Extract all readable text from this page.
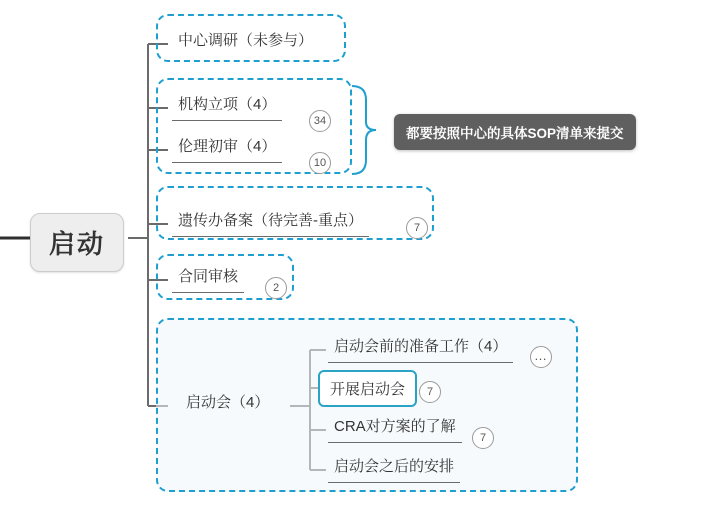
启动
中心调研（未参与）
机构立项（4）
34
伦理初审（4）
10
遗传办备案（待完善-重点）	7
合同审核
2
启动会（4）
启动会前的准备工作（4）
…
开展启动会	7
CRA对方案的了解
7
启动会之后的安排
都要按照中心的具体SOP清单来提交
